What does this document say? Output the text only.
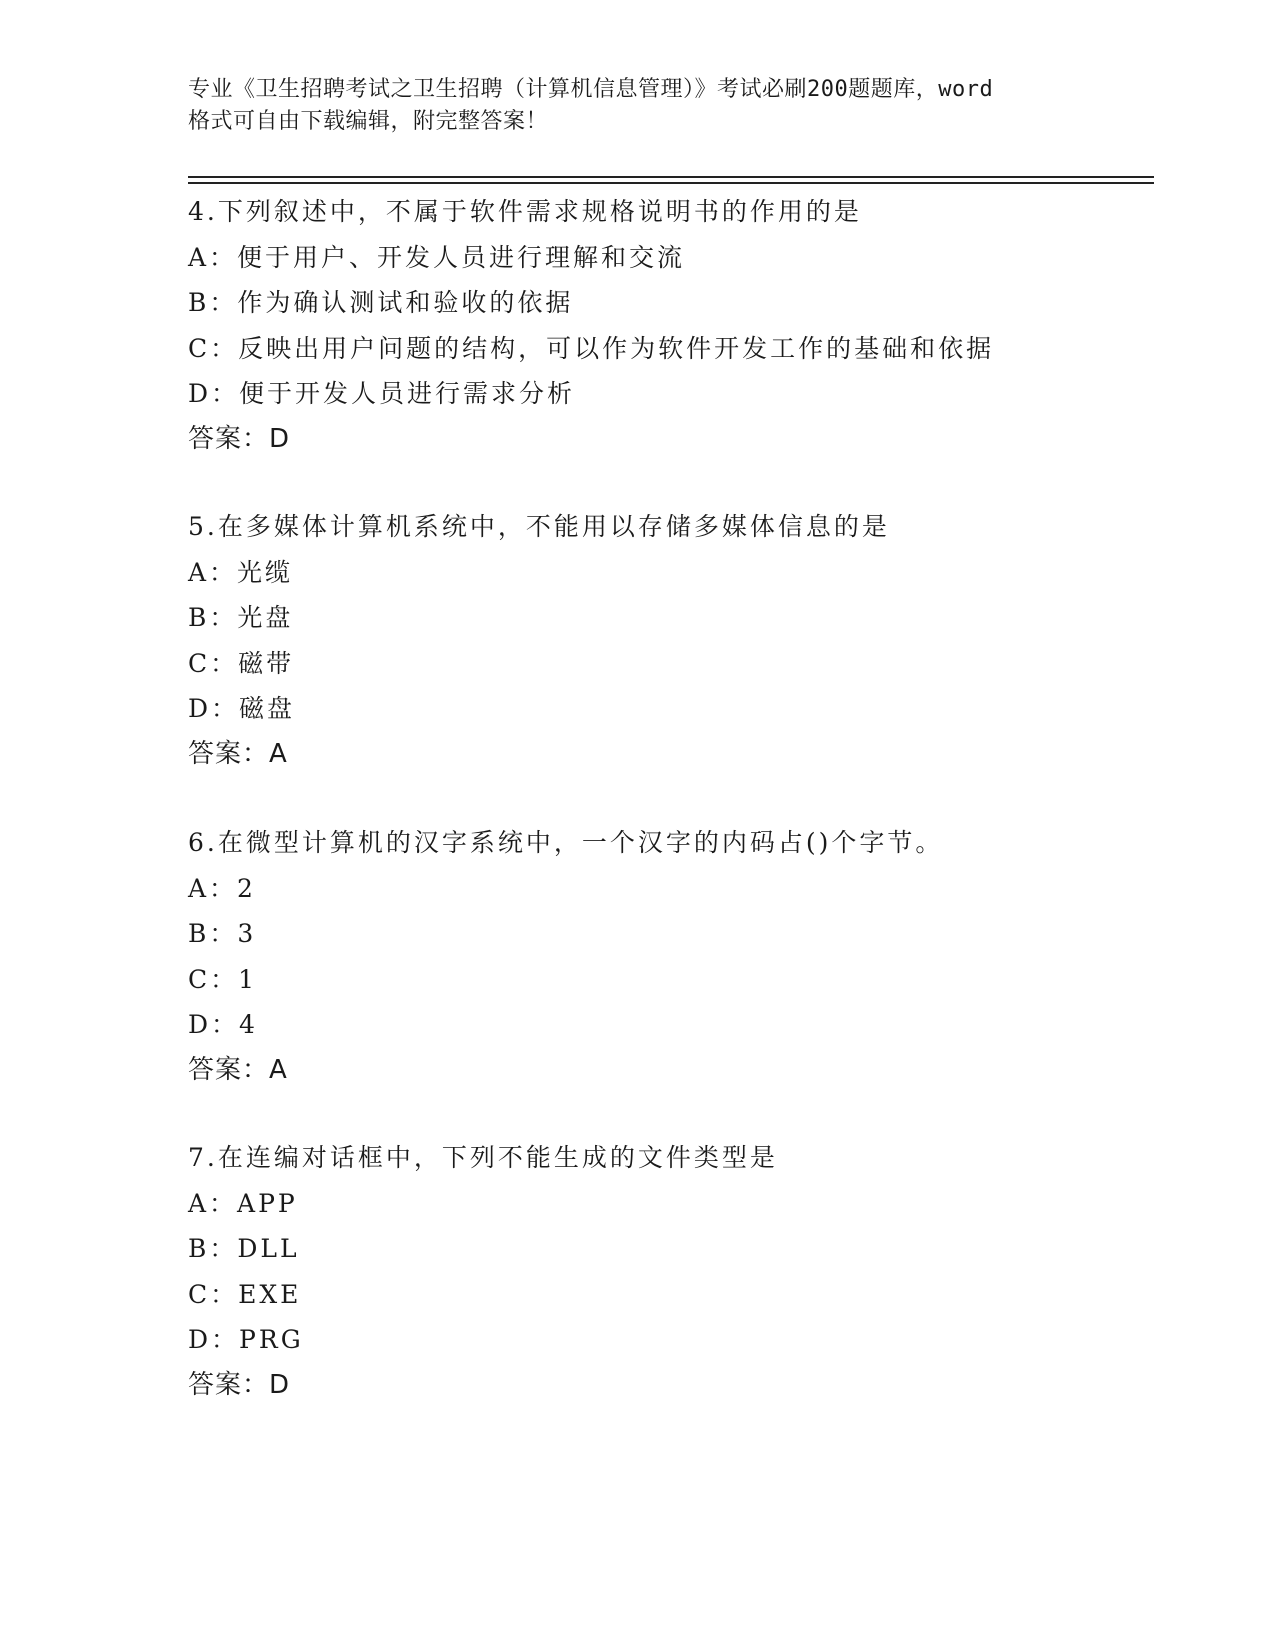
专业《卫生招聘考试之卫生招聘（计算机信息管理）》考试必刷200题题库，word

格式可自由下载编辑，附完整答案！

4.下列叙述中，不属于软件需求规格说明书的作用的是
A：便于用户、开发人员进行理解和交流
B：作为确认测试和验收的依据
C：反映出用户问题的结构，可以作为软件开发工作的基础和依据
D：便于开发人员进行需求分析
答案：D
5.在多媒体计算机系统中，不能用以存储多媒体信息的是
A：光缆
B：光盘
C：磁带
D：磁盘
答案：A
6.在微型计算机的汉字系统中，一个汉字的内码占()个字节。
A：2
B：3
C：1
D：4
答案：A
7.在连编对话框中，下列不能生成的文件类型是
A：APP
B：DLL
C：EXE
D：PRG
答案：D
